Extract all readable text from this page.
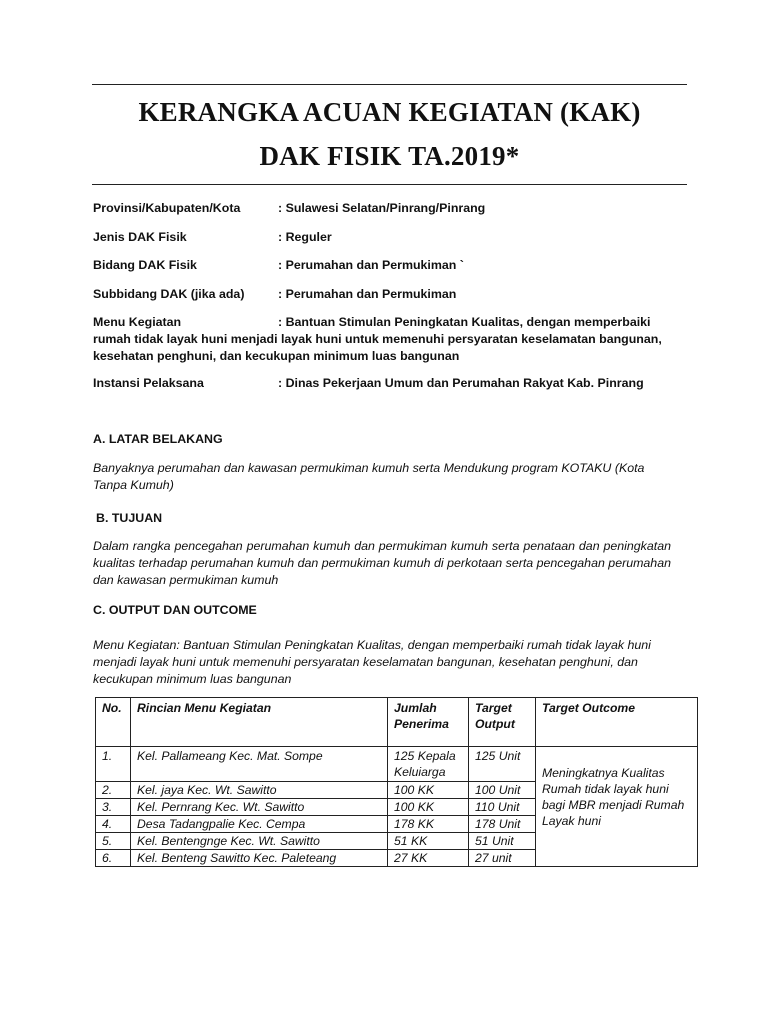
KERANGKA ACUAN KEGIATAN (KAK)
DAK FISIK TA.2019*
Provinsi/Kabupaten/Kota	: Sulawesi Selatan/Pinrang/Pinrang
Jenis DAK Fisik	: Reguler
Bidang DAK Fisik	: Perumahan dan Permukiman `
Subbidang DAK (jika ada)	: Perumahan dan Permukiman
Menu Kegiatan	: Bantuan Stimulan Peningkatan Kualitas, dengan memperbaiki
rumah tidak layak huni menjadi layak huni untuk memenuhi persyaratan keselamatan bangunan, kesehatan penghuni, dan kecukupan minimum luas bangunan
Instansi Pelaksana	: Dinas Pekerjaan Umum dan Perumahan Rakyat Kab. Pinrang
A. LATAR BELAKANG
Banyaknya perumahan dan kawasan permukiman kumuh serta Mendukung program KOTAKU (Kota Tanpa Kumuh)
B. TUJUAN
Dalam rangka pencegahan perumahan kumuh dan permukiman kumuh serta penataan dan peningkatan kualitas terhadap perumahan kumuh dan permukiman kumuh di perkotaan serta pencegahan perumahan dan kawasan permukiman kumuh
C. OUTPUT DAN OUTCOME
Menu Kegiatan: Bantuan Stimulan Peningkatan Kualitas, dengan memperbaiki rumah tidak layak huni menjadi layak huni untuk memenuhi persyaratan keselamatan bangunan, kesehatan penghuni, dan kecukupan minimum luas bangunan
No.	Rincian Menu Kegiatan	Jumlah Penerima	Target Output	Target Outcome
1.	Kel. Pallameang Kec. Mat. Sompe	125 Kepala Keluiarga	125 Unit	Meningkatnya Kualitas Rumah tidak layak huni bagi MBR menjadi Rumah Layak huni
2.	Kel. jaya Kec. Wt. Sawitto	100 KK	100 Unit	
3.	Kel. Pernrang Kec. Wt. Sawitto	100 KK	110 Unit	
4.	Desa Tadangpalie Kec. Cempa	178 KK	178 Unit	
5.	Kel. Bentengnge Kec. Wt. Sawitto	51 KK	51 Unit	
6.	Kel. Benteng Sawitto Kec. Paleteang	27 KK	27 unit	
